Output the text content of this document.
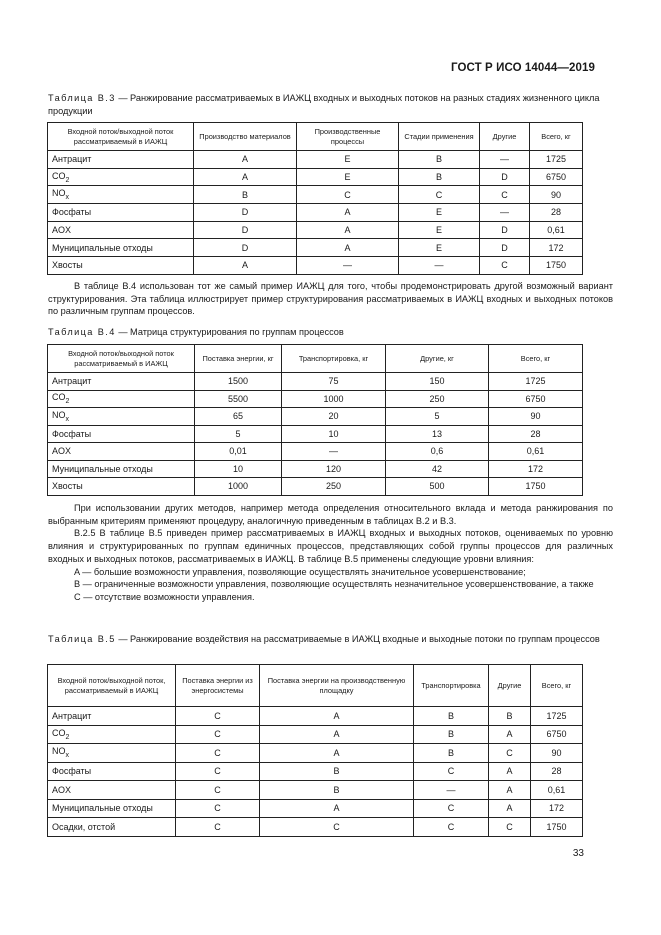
ГОСТ Р ИСО 14044—2019
Таблица В.3 — Ранжирование рассматриваемых в ИАЖЦ входных и выходных потоков на разных стадиях жизненного цикла продукции
Входной поток/выходной поток рассматриваемый в ИАЖЦ	Производство материалов	Производственные процессы	Стадии применения	Другие	Всего, кг
Антрацит	A	E	B	—	1725
$CO_2$	A	E	B	D	6750
$NO_x$	B	C	C	C	90
Фосфаты	D	A	E	—	28
AOX	D	A	E	D	0,61
Муниципальные отходы	D	A	E	D	172
Хвосты	A	—	—	C	1750

В таблице В.4 использован тот же самый пример ИАЖЦ для того, чтобы продемонстрировать другой возможный вариант структурирования. Эта таблица иллюстрирует пример структурирования рассматриваемых в ИАЖЦ входных и выходных потоков по различным группам процессов.

Таблица В.4 — Матрица структурирования по группам процессов
Входной поток/выходной поток рассматриваемый в ИАЖЦ	Поставка энергии, кг	Транспортировка, кг	Другие, кг	Всего, кг
Антрацит	1500	75	150	1725
$CO_2$	5500	1000	250	6750
$NO_x$	65	20	5	90
Фосфаты	5	10	13	28
AOX	0,01	—	0,6	0,61
Муниципальные отходы	10	120	42	172
Хвосты	1000	250	500	1750

При использовании других методов, например метода определения относительного вклада и метода ранжирования по выбранным критериям применяют процедуру, аналогичную приведенным в таблицах В.2 и В.3.

В.2.5 В таблице В.5 приведен пример рассматриваемых в ИАЖЦ входных и выходных потоков, оцениваемых по уровню влияния и структурированных по группам единичных процессов, представляющих собой группы процессов для различных входных и выходных потоков, рассматриваемых в ИАЖЦ. В таблице В.5 применены следующие уровни влияния:

A — большие возможности управления, позволяющие осуществлять значительное усовершенствование;

B — ограниченные возможности управления, позволяющие осуществлять незначительное усовершенствование, а также

C — отсутствие возможности управления.

Таблица В.5 — Ранжирование воздействия на рассматриваемые в ИАЖЦ входные и выходные потоки по группам процессов
Входной поток/выходной поток, рассматриваемый в ИАЖЦ	Поставка энергии из энергосистемы	Поставка энергии на производственную площадку	Транспортировка	Другие	Всего, кг
Антрацит	C	A	B	B	1725
$CO_2$	C	A	B	A	6750
$NO_x$	C	A	B	C	90
Фосфаты	C	B	C	A	28
AOX	C	B	—	A	0,61
Муниципальные отходы	C	A	C	A	172
Осадки, отстой	C	C	C	C	1750
33
